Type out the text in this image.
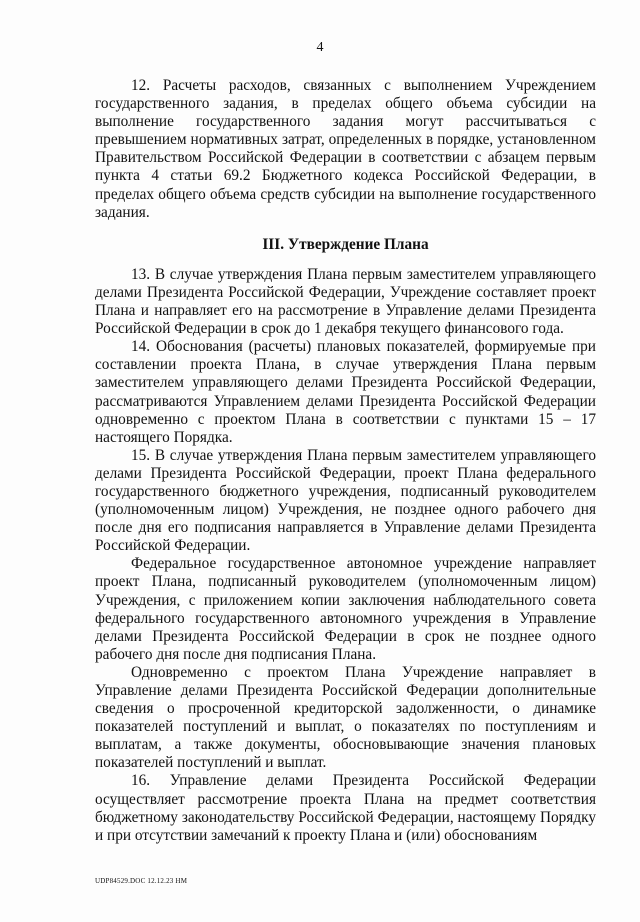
4

12. Расчеты расходов, связанных с выполнением Учреждением государственного задания, в пределах общего объема субсидии на выполнение государственного задания могут рассчитываться с превышением нормативных затрат, определенных в порядке, установленном Правительством Российской Федерации в соответствии с абзацем первым пункта 4 статьи 69.2 Бюджетного кодекса Российской Федерации, в пределах общего объема средств субсидии на выполнение государственного задания.

III. Утверждение Плана

13. В случае утверждения Плана первым заместителем управляющего делами Президента Российской Федерации, Учреждение составляет проект Плана и направляет его на рассмотрение в Управление делами Президента Российской Федерации в срок до 1 декабря текущего финансового года.

14. Обоснования (расчеты) плановых показателей, формируемые при составлении проекта Плана, в случае утверждения Плана первым заместителем управляющего делами Президента Российской Федерации, рассматриваются Управлением делами Президента Российской Федерации одновременно с проектом Плана в соответствии с пунктами 15 – 17 настоящего Порядка.

15. В случае утверждения Плана первым заместителем управляющего делами Президента Российской Федерации, проект Плана федерального государственного бюджетного учреждения, подписанный руководителем (уполномоченным лицом) Учреждения, не позднее одного рабочего дня после дня его подписания направляется в Управление делами Президента Российской Федерации.

Федеральное государственное автономное учреждение направляет проект Плана, подписанный руководителем (уполномоченным лицом) Учреждения, с приложением копии заключения наблюдательного совета федерального государственного автономного учреждения в Управление делами Президента Российской Федерации в срок не позднее одного рабочего дня после дня подписания Плана.

Одновременно с проектом Плана Учреждение направляет в Управление делами Президента Российской Федерации дополнительные сведения о просроченной кредиторской задолженности, о динамике показателей поступлений и выплат, о показателях по поступлениям и выплатам, а также документы, обосновывающие значения плановых показателей поступлений и выплат.

16. Управление делами Президента Российской Федерации осуществляет рассмотрение проекта Плана на предмет соответствия бюджетному законодательству Российской Федерации, настоящему Порядку и при отсутствии замечаний к проекту Плана и (или) обоснованиям

UDP84529.DOC 12.12.23 HM
